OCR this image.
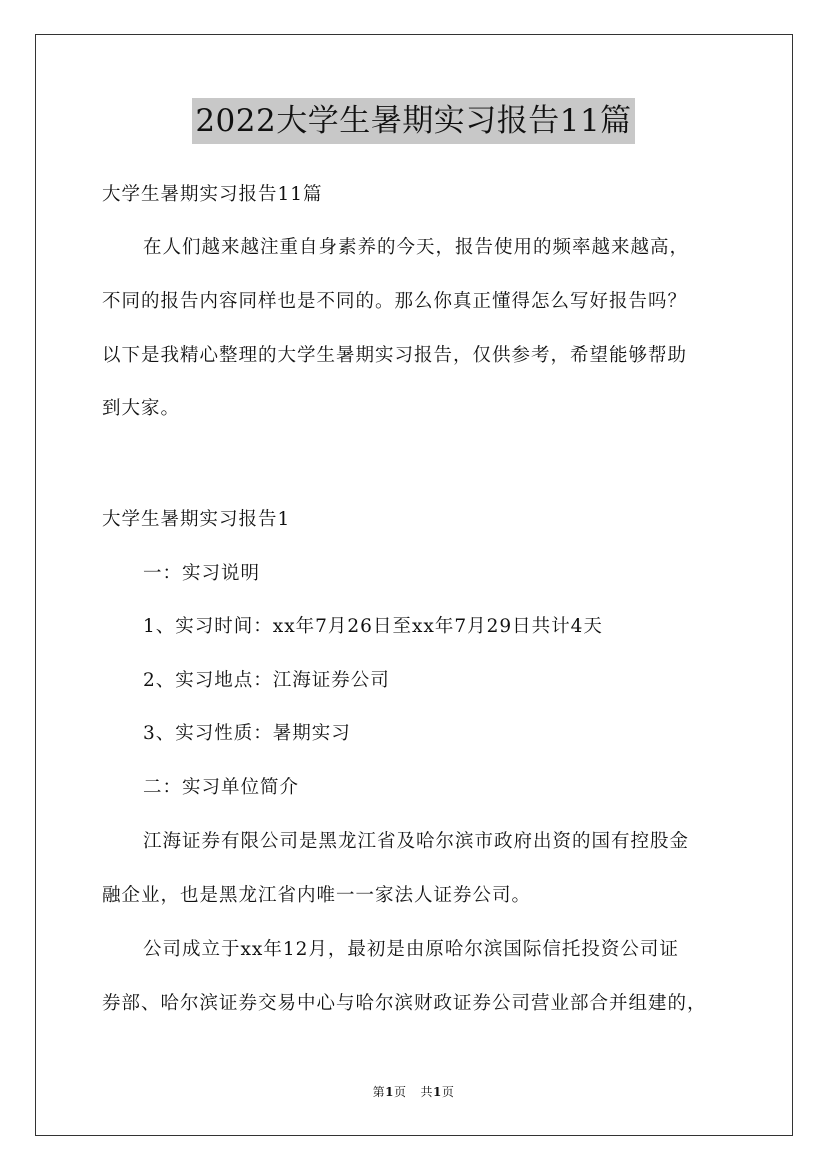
2022大学生暑期实习报告11篇
大学生暑期实习报告11篇
在人们越来越注重自身素养的今天，报告使用的频率越来越高，
不同的报告内容同样也是不同的。那么你真正懂得怎么写好报告吗？
以下是我精心整理的大学生暑期实习报告，仅供参考，希望能够帮助
到大家。
大学生暑期实习报告1
一：实习说明
1、实习时间：xx年7月26日至xx年7月29日共计4天
2、实习地点：江海证券公司
3、实习性质：暑期实习
二：实习单位简介
江海证券有限公司是黑龙江省及哈尔滨市政府出资的国有控股金
融企业，也是黑龙江省内唯一一家法人证券公司。
公司成立于xx年12月，最初是由原哈尔滨国际信托投资公司证
券部、哈尔滨证券交易中心与哈尔滨财政证券公司营业部合并组建的，
第1页 共1页
